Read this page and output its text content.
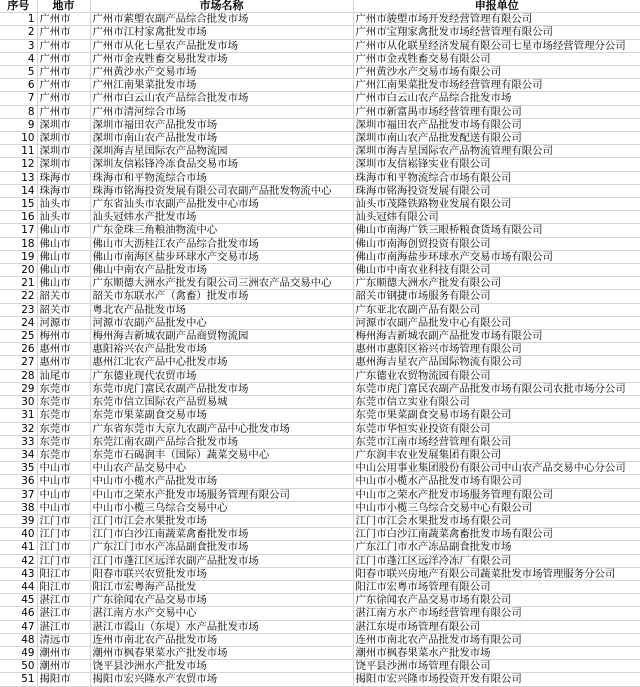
序号	地市	市场名称	申报单位
1	广州市	广州市萦塱农副产品综合批发市场	广州市骏塱市场开发经营管理有限公司
2	广州市	广州市江村家禽批发市场	广州市宝翔家禽批发市场经营管理有限公司
3	广州市	广州市从化七星农产品批发市场	广州市从化联星经济发展有限公司七星市场经营管理分公司
4	广州市	广州市金戎牲畜交易批发市场	广州市金戎牲畜交易有限公司
5	广州市	广州黄沙水产交易市场	广州黄沙水产交易市场有限公司
6	广州市	广州江南果菜批发市场	广州江南果菜批发市场经营管理有限公司
7	广州市	广州市白云山农产品综合批发市场	广州市白云山农产品综合批发市场
8	广州市	广州市清河综合市场	广州市新富禺市场经营管理有限公司
9	深圳市	深圳市福田农产品批发市场	深圳市福田农产品批发市场有限公司
10	深圳市	深圳市南山农产品批发市场	深圳市南山农产品批发配送有限公司
11	深圳市	深圳海吉星国际农产品物流园	深圳市海吉星国际农产品物流管理有限公司
12	深圳市	深圳友信崧锋冷冻食品交易市场	深圳市友信崧锋实业有限公司
13	珠海市	珠海市和平物流综合市场	珠海市和平物流综合市场有限公司
14	珠海市	珠海市铭海投资发展有限公司农副产品批发物流中心	珠海市铭海投资发展有限公司
15	汕头市	广东省汕头市农副产品批发中心市场	汕头市茂隆铁路物业发展有限公司
16	汕头市	汕头冠炜水产批发市场	汕头冠炜有限公司
17	佛山市	广东金珠三角粮油物流中心	佛山市南海广铁三眼桥粮食货场有限公司
18	佛山市	佛山市大沥桂江农产品综合批发市场	佛山市南海创贸投资有限公司
19	佛山市	佛山市南海区盐步环球水产交易市场	佛山市南海盐步环球水产交易市场有限公司
20	佛山市	佛山中南农产品批发市场	佛山市中南农业科技有限公司
21	佛山市	广东顺德大洲水产批发有限公司三洲农产品交易中心	广东顺德大洲水产批发有限公司
22	韶关市	韶关市东联水产（禽畜）批发市场	韶关市钢捷市场服务有限公司
23	韶关市	粤北农产品批发市场	广东亚北农副产品有限公司
24	河源市	河源市农副产品批发中心	河源市农副产品批发中心有限公司
25	梅州市	梅州海吉新城农副产品商贸物流园	梅州海吉新城农副产品批发市场有限公司
26	惠州市	惠阳裕兴农产品批发市场	惠州市惠阳区裕兴市场管理有限公司
27	惠州市	惠州江北农产品中心批发市场	惠州海吉星农产品国际物流有限公司
28	汕尾市	广东德业现代农贸市场	广东德业农贸物流园有限公司
29	东莞市	东莞市虎门富民农副产品批发市场	东莞市虎门富民农副产品批发市场有限公司农批市场分公司
30	东莞市	东莞市信立国际农产品贸易城	东莞市信立实业有限公司
31	东莞市	东莞市果菜副食交易市场	东莞市果菜副食交易市场有限公司
32	东莞市	广东省东莞市大京九农副产品中心批发市场	东莞市华恒实业投资有限公司
33	东莞市	东莞江南农副产品综合批发市场	东莞市江南市场经营管理有限公司
34	东莞市	东莞市石碣润丰（国际）蔬菜交易中心	广东润丰农业发展集团有限公司
35	中山市	中山农产品交易中心	中山公用事业集团股份有限公司中山农产品交易中心分公司
36	中山市	中山市小榄水产品批发市场	中山市小榄水产品批发市场有限公司
37	中山市	中山市之荣水产批发市场服务管理有限公司	中山市之荣水产批发市场服务管理有限公司
38	中山市	中山市小榄三乌综合交易中心	中山市小榄三乌综合交易中心有限公司
39	江门市	江门市江会水果批发市场	江门市江会水果批发市场有限公司
40	江门市	江门市白沙江南蔬菜禽畜批发市场	江门市白沙江南蔬菜禽畜批发市场有限公司
41	江门市	广东江门市水产冻品副食批发市场	广东江门市水产冻品副食批发市场
42	江门市	江门市蓬江区远洋农副产品批发市场	江门市蓬江区远洋冷冻厂有限公司
43	阳江市	阳春市联兴农贸批发市场	阳春市联兴房地产有限公司蔬菜批发市场管理服务分公司
44	阳江市	阳江市宏粤海产品批发	阳江市宏粤市场管理有限公司
45	湛江市	广东徐闻农产品交易市场	广东徐闻农产品交易市场有限公司
46	湛江市	湛江南方水产交易中心	湛江南方水产市场经营管理有限公司
47	湛江市	湛江市霞山（东堤）水产品批发市场	湛江东堤市场管理有限公司
48	清远市	连州市南北农产品批发市场	连州市南北农产品批发市场有限公司
49	潮州市	潮州市枫春果菜水产批发市场	潮州市枫春果菜水产批发市场
50	潮州市	饶平县沙洲水产批发市场	饶平县沙洲市场管理有限公司
51	揭阳市	揭阳市宏兴隆水产农贸市场	揭阳市宏兴隆市场投资开发有限公司
